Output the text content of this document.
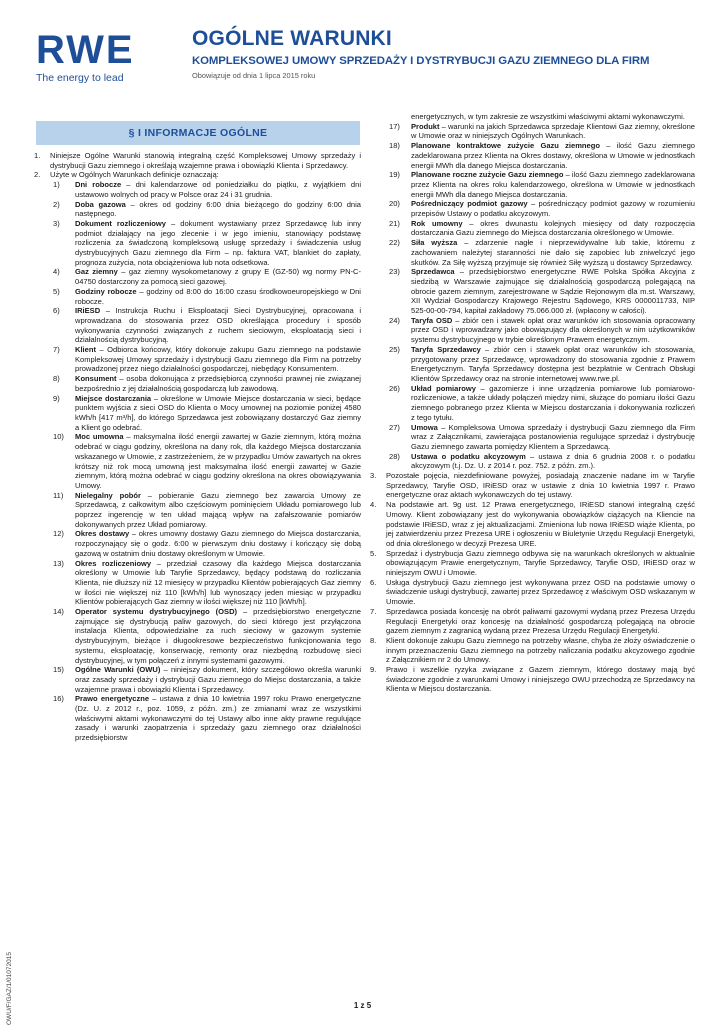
RWE
The energy to lead
OGÓLNE WARUNKI
KOMPLEKSOWEJ UMOWY SPRZEDAŻY I DYSTRYBUCJI GAZU ZIEMNEGO DLA FIRM
Obowiązuje od dnia 1 lipca 2015 roku
§ I INFORMACJE OGÓLNE
1. Niniejsze Ogólne Warunki stanowią integralną część Kompleksowej Umowy sprzedaży i dystrybucji Gazu ziemnego i określają wzajemne prawa i obowiązki Klienta i Sprzedawcy.
2. Użyte w Ogólnych Warunkach definicje oznaczają:
1) Dni robocze – dni kalendarzowe od poniedziałku do piątku, z wyjątkiem dni ustawowo wolnych od pracy w Polsce oraz 24 i 31 grudnia.
2) Doba gazowa – okres od godziny 6:00 dnia bieżącego do godziny 6:00 dnia następnego.
3) Dokument rozliczeniowy – dokument wystawiany przez Sprzedawcę lub inny podmiot działający na jego zlecenie i w jego imieniu, stanowiący podstawę rozliczenia za świadczoną kompleksową usługę sprzedaży i świadczenia usług dystrybucyjnych Gazu ziemnego dla Firm – np. faktura VAT, blankiet do zapłaty, prognoza zużycia, nota obciążeniowa lub nota odsetkowa.
4) Gaz ziemny – gaz ziemny wysokometanowy z grupy E (GZ-50) wg normy PN-C-04750 dostarczony za pomocą sieci gazowej.
5) Godziny robocze – godziny od 8:00 do 16:00 czasu środkowoeuropejskiego w Dni robocze.
6) IRiESD – Instrukcja Ruchu i Eksploatacji Sieci Dystrybucyjnej, opracowana i wprowadzana do stosowania przez OSD określająca procedury i sposób wykonywania czynności związanych z ruchem sieciowym, eksploatacją sieci i działalnością dystrybucyjną.
7) Klient – Odbiorca końcowy, który dokonuje zakupu Gazu ziemnego na podstawie Kompleksowej Umowy sprzedaży i dystrybucji Gazu ziemnego dla Firm na potrzeby prowadzonej przez niego działalności gospodarczej, niebędący Konsumentem.
8) Konsument – osoba dokonująca z przedsiębiorcą czynności prawnej nie związanej bezpośrednio z jej działalnością gospodarczą lub zawodową.
9) Miejsce dostarczania – określone w Umowie Miejsce dostarczania w sieci, będące punktem wyjścia z sieci OSD do Klienta o Mocy umownej na poziomie poniżej 4580 kWh/h [417 m³/h], do którego Sprzedawca jest zobowiązany dostarczyć Gaz ziemny a Klient go odebrać.
10) Moc umowna – maksymalna ilość energii zawartej w Gazie ziemnym, którą można odebrać w ciągu godziny, określona na dany rok, dla każdego Miejsca dostarczania wskazanego w Umowie, z zastrzeżeniem, że w przypadku Umów zawartych na okres krótszy niż rok mocą umowną jest maksymalna ilość energii zawartej w Gazie ziemnym, którą można odebrać w ciągu godziny określona na okres obowiązywania Umowy.
11) Nielegalny pobór – pobieranie Gazu ziemnego bez zawarcia Umowy ze Sprzedawcą, z całkowitym albo częściowym pominięciem Układu pomiarowego lub poprzez ingerencję w ten układ mającą wpływ na zafałszowanie pomiarów dokonywanych przez Układ pomiarowy.
12) Okres dostawy – okres umowny dostawy Gazu ziemnego do Miejsca dostarczania, rozpoczynający się o godz. 6:00 w pierwszym dniu dostawy i kończący się dobą gazową w ostatnim dniu dostawy określonym w Umowie.
13) Okres rozliczeniowy – przedział czasowy dla każdego Miejsca dostarczania określony w Umowie lub Taryfie Sprzedawcy, będący podstawą do rozliczania Klienta, nie dłuższy niż 12 miesięcy w przypadku Klientów pobierających Gaz ziemny w ilości nie większej niż 110 [kWh/h] lub wynoszący jeden miesiąc w przypadku Klientów pobierających Gaz ziemny w ilości większej niż 110 [kWh/h].
14) Operator systemu dystrybucyjnego (OSD) – przedsiębiorstwo energetyczne zajmujące się dystrybucją paliw gazowych, do sieci którego jest przyłączona instalacja Klienta, odpowiedzialne za ruch sieciowy w gazowym systemie dystrybucyjnym, bieżące i długookresowe bezpieczeństwo funkcjonowania tego systemu, eksploatację, konserwację, remonty oraz niezbędną rozbudowę sieci dystrybucyjnej, w tym połączeń z innymi systemami gazowymi.
15) Ogólne Warunki (OWU) – niniejszy dokument, który szczegółowo określa warunki oraz zasady sprzedaży i dystrybucji Gazu ziemnego do Miejsc dostarczania, a także wzajemne prawa i obowiązki Klienta i Sprzedawcy.
16) Prawo energetyczne – ustawa z dnia 10 kwietnia 1997 roku Prawo energetyczne (Dz. U. z 2012 r., poz. 1059, z późn. zm.) ze zmianami wraz ze wszystkimi właściwymi aktami wykonawczymi do tej Ustawy albo inne akty prawne regulujące zasady i warunki zaopatrzenia i sprzedaży gazu ziemnego oraz działalności przedsiębiorstw
energetycznych, w tym zakresie ze wszystkimi właściwymi aktami wykonawczymi.
17) Produkt – warunki na jakich Sprzedawca sprzedaje Klientowi Gaz ziemny, określone w Umowie oraz w niniejszych Ogólnych Warunkach.
18) Planowane kontraktowe zużycie Gazu ziemnego – ilość Gazu ziemnego zadeklarowana przez Klienta na Okres dostawy, określona w Umowie w jednostkach energii MWh dla danego Miejsca dostarczania.
19) Planowane roczne zużycie Gazu ziemnego – ilość Gazu ziemnego zadeklarowana przez Klienta na okres roku kalendarzowego, określona w Umowie w jednostkach energii MWh dla danego Miejsca dostarczania.
20) Pośredniczący podmiot gazowy – pośredniczący podmiot gazowy w rozumieniu przepisów Ustawy o podatku akcyzowym.
21) Rok umowny – okres dwunastu kolejnych miesięcy od daty rozpoczęcia dostarczania Gazu ziemnego do Miejsca dostarczania określonego w Umowie.
22) Siła wyższa – zdarzenie nagłe i nieprzewidywalne lub takie, któremu z zachowaniem należytej staranności nie dało się zapobiec lub zniwelczyć jego skutków. Za Siłę wyższą przyjmuje się również Siłę wyższą u dostawcy Sprzedawcy.
23) Sprzedawca – przedsiębiorstwo energetyczne RWE Polska Spółka Akcyjna z siedzibą w Warszawie zajmujące się działalnością gospodarczą polegającą na obrocie gazem ziemnym, zarejestrowane w Sądzie Rejonowym dla m.st. Warszawy, XII Wydział Gospodarczy Krajowego Rejestru Sądowego, KRS 0000011733, NIP 525-00-00-794, kapitał zakładowy 75.066.000 zł. (wpłacony w całości).
24) Taryfa OSD – zbiór cen i stawek opłat oraz warunków ich stosowania opracowany przez OSD i wprowadzany jako obowiązujący dla określonych w nim użytkowników systemu dystrybucyjnego w trybie określonym Prawem energetycznym.
25) Taryfa Sprzedawcy – zbiór cen i stawek opłat oraz warunków ich stosowania, przygotowany przez Sprzedawcę, wprowadzony do stosowania zgodnie z Prawem Energetycznym. Taryfa Sprzedawcy dostępna jest bezpłatnie w Centrach Obsługi Klientów Sprzedawcy oraz na stronie internetowej www.rwe.pl.
26) Układ pomiarowy – gazomierze i inne urządzenia pomiarowe lub pomiarowo-rozliczeniowe, a także układy połączeń między nimi, służące do pomiaru ilości Gazu ziemnego pobranego przez Klienta w Miejscu dostarczania i dokonywania rozliczeń z tego tytułu.
27) Umowa – Kompleksowa Umowa sprzedaży i dystrybucji Gazu ziemnego dla Firm wraz z Załącznikami, zawierająca postanowienia regulujące sprzedaż i dystrybucję Gazu ziemnego zawarta pomiędzy Klientem a Sprzedawcą.
28) Ustawa o podatku akcyzowym – ustawa z dnia 6 grudnia 2008 r. o podatku akcyzowym (t.j. Dz. U. z 2014 r. poz. 752. z późn. zm.).
3. Pozostałe pojęcia, niezdefiniowane powyżej, posiadają znaczenie nadane im w Taryfie Sprzedawcy, Taryfie OSD, IRiESD oraz w ustawie z dnia 10 kwietnia 1997 r. Prawo energetyczne oraz aktach wykonawczych do tej ustawy.
4. Na podstawie art. 9g ust. 12 Prawa energetycznego, IRiESD stanowi integralną część Umowy. Klient zobowiązany jest do wykonywania obowiązków ciążących na Kliencie na podstawie IRiESD, wraz z jej aktualizacjami. Zmieniona lub nowa IRiESD wiąże Klienta, po jej zatwierdzeniu przez Prezesa URE i ogłoszeniu w Biuletynie Urzędu Regulacji Energetyki, od dnia określonego w decyzji Prezesa URE.
5. Sprzedaż i dystrybucja Gazu ziemnego odbywa się na warunkach określonych w aktualnie obowiązującym Prawie energetycznym, Taryfie Sprzedawcy, Taryfie OSD, IRiESD oraz w niniejszym OWU i Umowie.
6. Usługa dystrybucji Gazu ziemnego jest wykonywana przez OSD na podstawie umowy o świadczenie usługi dystrybucji, zawartej przez Sprzedawcę z właściwym OSD wskazanym w Umowie.
7. Sprzedawca posiada koncesję na obrót paliwami gazowymi wydaną przez Prezesa Urzędu Regulacji Energetyki oraz koncesję na działalność gospodarczą polegającą na obrocie gazem ziemnym z zagranicą wydaną przez Prezesa Urzędu Regulacji Energetyki.
8. Klient dokonuje zakupu Gazu ziemnego na potrzeby własne, chyba że złoży oświadczenie o innym przeznaczeniu Gazu ziemnego na potrzeby naliczania podatku akcyzowego zgodnie z Załącznikiem nr 2 do Umowy.
9. Prawo i wszelkie ryzyka związane z Gazem ziemnym, którego dostawy mają być świadczone zgodnie z warunkami Umowy i niniejszego OWU przechodzą ze Sprzedawcy na Klienta w Miejscu dostarczania.
1 z 5
OWU/F/GAZ/1/01072015
